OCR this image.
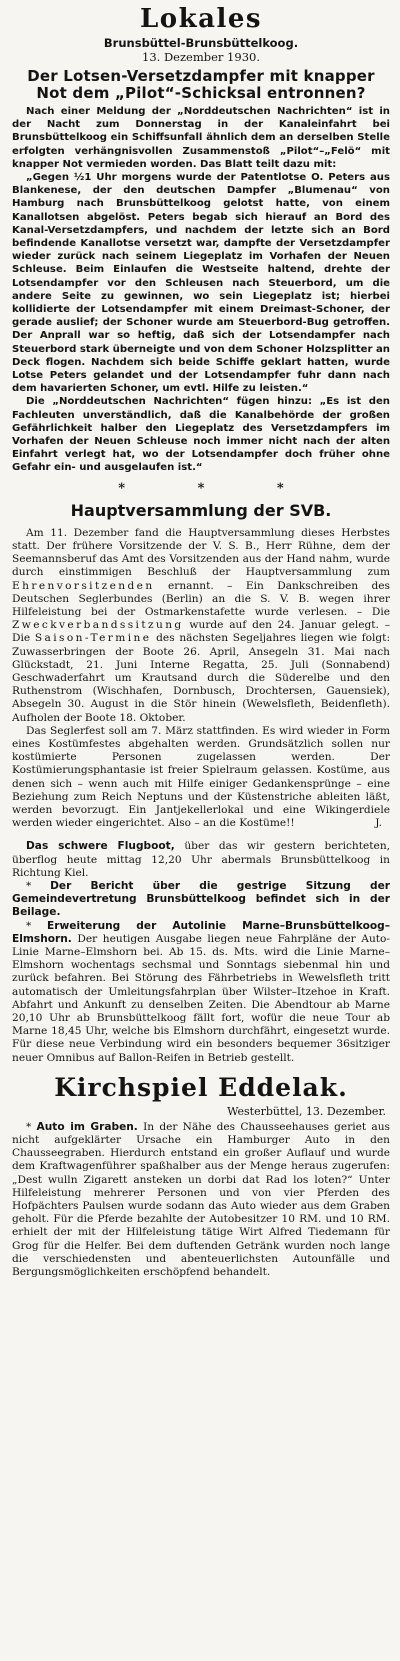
Lokales

Brunsbüttel-Brunsbüttelkoog.

13. Dezember 1930.

Der Lotsen-Versetzdampfer mit knapper Not dem „Pilot“-Schicksal entronnen?

Nach einer Meldung der „Norddeutschen Nachrichten“ ist in der Nacht zum Donnerstag in der Kanaleinfahrt bei Brunsbüttelkoog ein Schiffsunfall ähnlich dem an derselben Stelle erfolgten verhängnisvollen Zusammenstoß „Pilot“–„Felö“ mit knapper Not vermieden worden. Das Blatt teilt dazu mit:

„Gegen ½1 Uhr morgens wurde der Patentlotse O. Peters aus Blankenese, der den deutschen Dampfer „Blumenau“ von Hamburg nach Brunsbüttelkoog gelotst hatte, von einem Kanallotsen abgelöst. Peters begab sich hierauf an Bord des Kanal-Versetzdampfers, und nachdem der letzte sich an Bord befindende Kanallotse versetzt war, dampfte der Versetzdampfer wieder zurück nach seinem Liegeplatz im Vorhafen der Neuen Schleuse. Beim Einlaufen die Westseite haltend, drehte der Lotsendampfer vor den Schleusen nach Steuerbord, um die andere Seite zu gewinnen, wo sein Liegeplatz ist; hierbei kollidierte der Lotsendampfer mit einem Dreimast-Schoner, der gerade auslief; der Schoner wurde am Steuerbord-Bug getroffen. Der Anprall war so heftig, daß sich der Lotsendampfer nach Steuerbord stark überneigte und von dem Schoner Holzsplitter an Deck flogen. Nachdem sich beide Schiffe geklart hatten, wurde Lotse Peters gelandet und der Lotsendampfer fuhr dann nach dem havarierten Schoner, um evtl. Hilfe zu leisten.“

Die „Norddeutschen Nachrichten“ fügen hinzu: „Es ist den Fachleuten unverständlich, daß die Kanalbehörde der großen Gefährlichkeit halber den Liegeplatz des Versetzdampfers im Vorhafen der Neuen Schleuse noch immer nicht nach der alten Einfahrt verlegt hat, wo der Lotsendampfer doch früher ohne Gefahr ein- und ausgelaufen ist.“

* * *
Hauptversammlung der SVB.

Am 11. Dezember fand die Hauptversammlung dieses Herbstes statt. Der frühere Vorsitzende der V. S. B., Herr Rühne, dem der Seemannsberuf das Amt des Vorsitzenden aus der Hand nahm, wurde durch einstimmigen Beschluß der Hauptversammlung zum Ehrenvorsitzenden ernannt. – Ein Dankschreiben des Deutschen Seglerbundes (Berlin) an die S. V. B. wegen ihrer Hilfeleistung bei der Ostmarkenstafette wurde verlesen. – Die Zweckverbandssitzung wurde auf den 24. Januar gelegt. – Die Saison-Termine des nächsten Segeljahres liegen wie folgt: Zuwasserbringen der Boote 26. April, Ansegeln 31. Mai nach Glückstadt, 21. Juni Interne Regatta, 25. Juli (Sonnabend) Geschwaderfahrt um Krautsand durch die Süderelbe und den Ruthenstrom (Wischhafen, Dornbusch, Drochtersen, Gauensiek), Absegeln 30. August in die Stör hinein (Wewelsfleth, Beidenfleth). Aufholen der Boote 18. Oktober.

Das Seglerfest soll am 7. März stattfinden. Es wird wieder in Form eines Kostümfestes abgehalten werden. Grundsätzlich sollen nur kostümierte Personen zugelassen werden. Der Kostümierungsphantasie ist freier Spielraum gelassen. Kostüme, aus denen sich – wenn auch mit Hilfe einiger Gedankensprünge – eine Beziehung zum Reich Neptuns und der Küstenstriche ableiten läßt, werden bevorzugt. Ein Jantjekellerlokal und eine Wikingerdiele werden wieder eingerichtet. Also – an die Kostüme!!	J.

Das schwere Flugboot, über das wir gestern berichteten, überflog heute mittag 12,20 Uhr abermals Brunsbüttelkoog in Richtung Kiel.

* Der Bericht über die gestrige Sitzung der Gemeindevertretung Brunsbüttelkoog befindet sich in der Beilage.

* Erweiterung der Autolinie Marne–Brunsbüttelkoog–Elmshorn. Der heutigen Ausgabe liegen neue Fahrpläne der Auto-Linie Marne–Elmshorn bei. Ab 15. ds. Mts. wird die Linie Marne–Elmshorn wochentags sechsmal und Sonntags siebenmal hin und zurück befahren. Bei Störung des Fährbetriebs in Wewelsfleth tritt automatisch der Umleitungsfahrplan über Wilster–Itzehoe in Kraft. Abfahrt und Ankunft zu denselben Zeiten. Die Abendtour ab Marne 20,10 Uhr ab Brunsbüttelkoog fällt fort, wofür die neue Tour ab Marne 18,45 Uhr, welche bis Elmshorn durchfährt, eingesetzt wurde. Für diese neue Verbindung wird ein besonders bequemer 36sitziger neuer Omnibus auf Ballon-Reifen in Betrieb gestellt.

Kirchspiel Eddelak.

Westerbüttel, 13. Dezember.

* Auto im Graben. In der Nähe des Chausseehauses geriet aus nicht aufgeklärter Ursache ein Hamburger Auto in den Chausseegraben. Hierdurch entstand ein großer Auflauf und wurde dem Kraftwagenführer spaßhalber aus der Menge heraus zugerufen: „Dest wulln Zigarett ansteken un dorbi dat Rad los loten?“ Unter Hilfeleistung mehrerer Personen und von vier Pferden des Hofpächters Paulsen wurde sodann das Auto wieder aus dem Graben geholt. Für die Pferde bezahlte der Autobesitzer 10 RM. und 10 RM. erhielt der mit der Hilfeleistung tätige Wirt Alfred Tiedemann für Grog für die Helfer. Bei dem duftenden Getränk wurden noch lange die verschiedensten und abenteuerlichsten Autounfälle und Bergungsmöglichkeiten erschöpfend behandelt.
